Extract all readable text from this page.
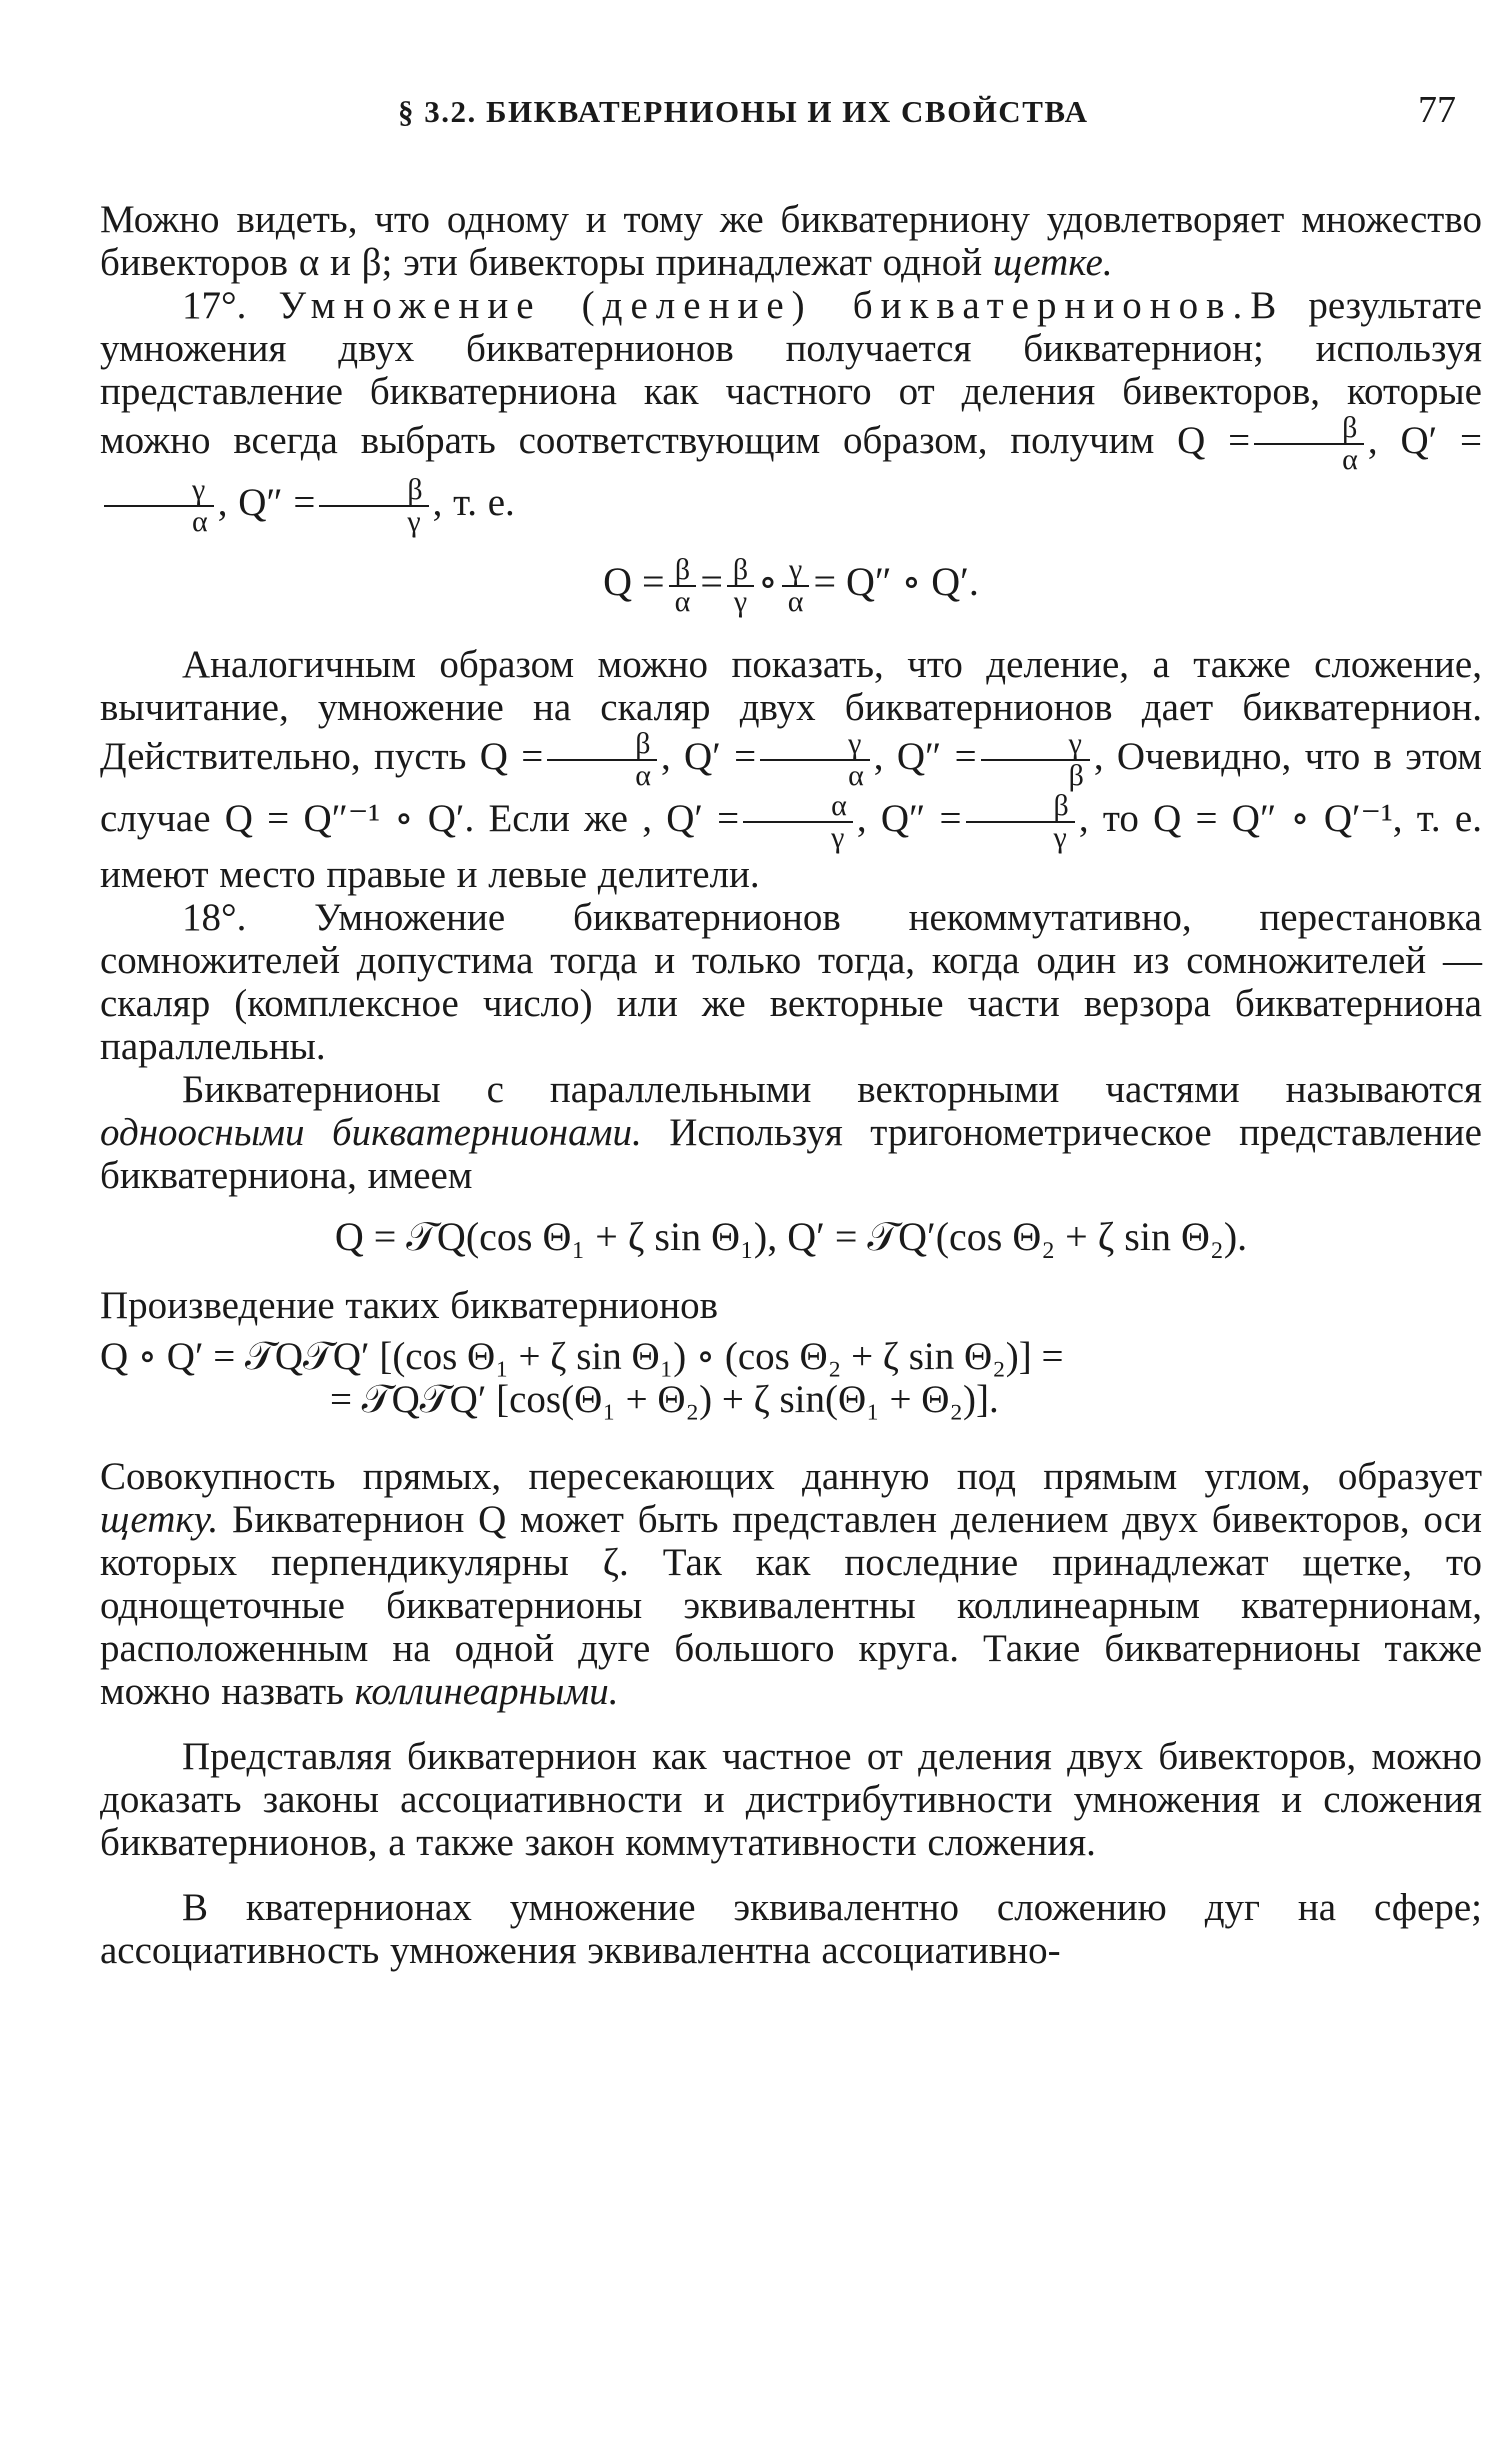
§ 3.2. БИКВАТЕРНИОНЫ И ИХ СВОЙСТВА	77

Можно видеть, что одному и тому же бикватерниону удовлетворяет множество бивекторов α и β; эти бивекторы принадлежат одной щетке.

17°. Умножение (деление) бикватернионов.В результате умножения двух бикватернионов получается бикватернион; используя представление бикватерниона как частного от деления бивекторов, которые можно всегда выбрать соответствующим образом, получим $Q = \frac{\beta}{\alpha}$ , Q′ =
$\frac{\gamma}{\alpha}$ , $Q'' = \frac{\beta}{\gamma}$ , т. е.

$Q = \frac{\beta}{\alpha} = \frac{\beta}{\gamma}$ ∘ $\frac{\gamma}{\alpha} = Q''$ ∘ Q′.

Аналогичным образом можно показать, что деление, а также сложение, вычитание, умножение на скаляр двух бикватернионов дает бикватернион. Действительно, пусть $Q = \frac{\beta}{\alpha}$ , $Q' = \frac{\gamma}{\alpha}$ , $Q'' = \frac{\gamma}{\beta}$ , Очевидно, что в этом случае Q = Q″⁻¹ ∘ Q′. Если же , $Q' = \frac{\alpha}{\gamma}$ , $Q'' = \frac{\beta}{\gamma}$ , то Q = Q″ ∘ Q′⁻¹, т. е. имеют место правые и левые делители.

18°. Умножение бикватернионов некоммутативно, перестановка сомножителей допустима тогда и только тогда, когда один из сомножителей — скаляр (комплексное число) или же векторные части верзора бикватерниона параллельны.

Бикватернионы с параллельными векторными частями называются одноосными бикватернионами. Используя тригонометрическое представление бикватерниона, имеем

Q = 𝒯Q(cos Θ₁ + ζ sin Θ₁), Q′ = 𝒯Q′(cos Θ₂ + ζ sin Θ₂).

Произведение таких бикватернионов

Q ∘ Q′ = 𝒯Q𝒯Q′ [(cos Θ₁ + ζ sin Θ₁) ∘ (cos Θ₂ + ζ sin Θ₂)] =
= 𝒯Q𝒯Q′ [cos(Θ₁ + Θ₂) + ζ sin(Θ₁ + Θ₂)].

Совокупность прямых, пересекающих данную под прямым углом, образует щетку. Бикватернион Q может быть представлен делением двух бивекторов, оси которых перпендикулярны ζ. Так как последние принадлежат щетке, то однощеточные бикватернионы эквивалентны коллинеарным кватернионам, расположенным на одной дуге большого круга. Такие бикватернионы также можно назвать коллинеарными.

Представляя бикватернион как частное от деления двух бивекторов, можно доказать законы ассоциативности и дистрибутивности умножения и сложения бикватернионов, а также закон коммутативности сложения.

В кватернионах умножение эквивалентно сложению дуг на сфере; ассоциативность умножения эквивалентна ассоциативно-
